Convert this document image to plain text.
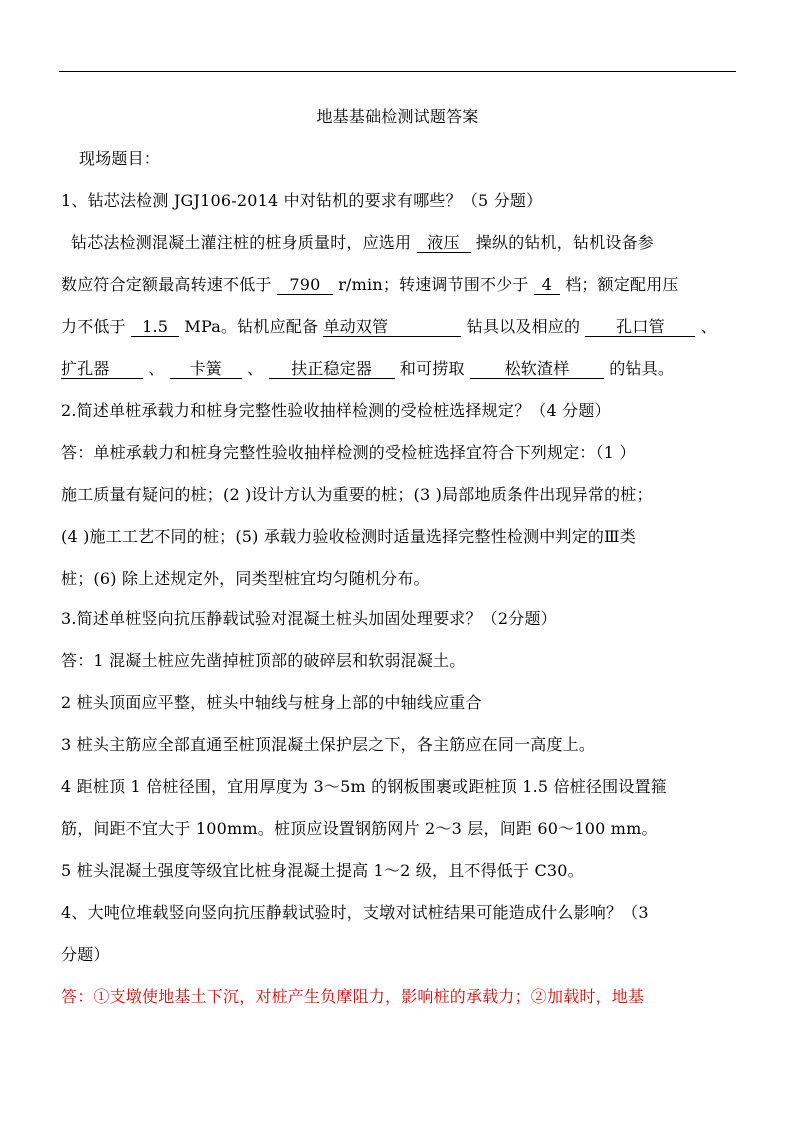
地基基础检测试题答案
现场题目：
1、钻芯法检测 JGJ106-2014 中对钻机的要求有哪些？（5 分题）
钻芯法检测混凝土灌注桩的桩身质量时，应选用 液压 操纵的钻机，钻机设备参
数应符合定额最高转速不低于 790 r/min；转速调节围不少于 4 档；额定配用压
力不低于 1.5 MPa。钻机应配备 单动双管	钻具以及相应的 孔口管 、
扩孔器 、 卡簧 、 扶正稳定器 和可捞取 松软渣样 的钻具。
2.简述单桩承载力和桩身完整性验收抽样检测的受检桩选择规定？（4 分题）
答：单桩承载力和桩身完整性验收抽样检测的受检桩选择宜符合下列规定：（1 ）
施工质量有疑问的桩；(2 )设计方认为重要的桩；(3 )局部地质条件出现异常的桩；
(4 )施工工艺不同的桩；(5) 承载力验收检测时适量选择完整性检测中判定的Ⅲ类
桩；(6) 除上述规定外，同类型桩宜均匀随机分布。
3.简述单桩竖向抗压静载试验对混凝土桩头加固处理要求？（2分题）
答：1 混凝土桩应先凿掉桩顶部的破碎层和软弱混凝土。
2 桩头顶面应平整，桩头中轴线与桩身上部的中轴线应重合
3 桩头主筋应全部直通至桩顶混凝土保护层之下，各主筋应在同一高度上。
4 距桩顶 1 倍桩径围，宜用厚度为 3～5m 的钢板围裹或距桩顶 1.5 倍桩径围设置箍
筋，间距不宜大于 100mm。桩顶应设置钢筋网片 2～3 层，间距 60～100 mm。
5 桩头混凝土强度等级宜比桩身混凝土提高 1～2 级，且不得低于 C30。
4、大吨位堆载竖向竖向抗压静载试验时，支墩对试桩结果可能造成什么影响？（3
分题）
答：①支墩使地基土下沉，对桩产生负摩阻力，影响桩的承载力；②加载时，地基
